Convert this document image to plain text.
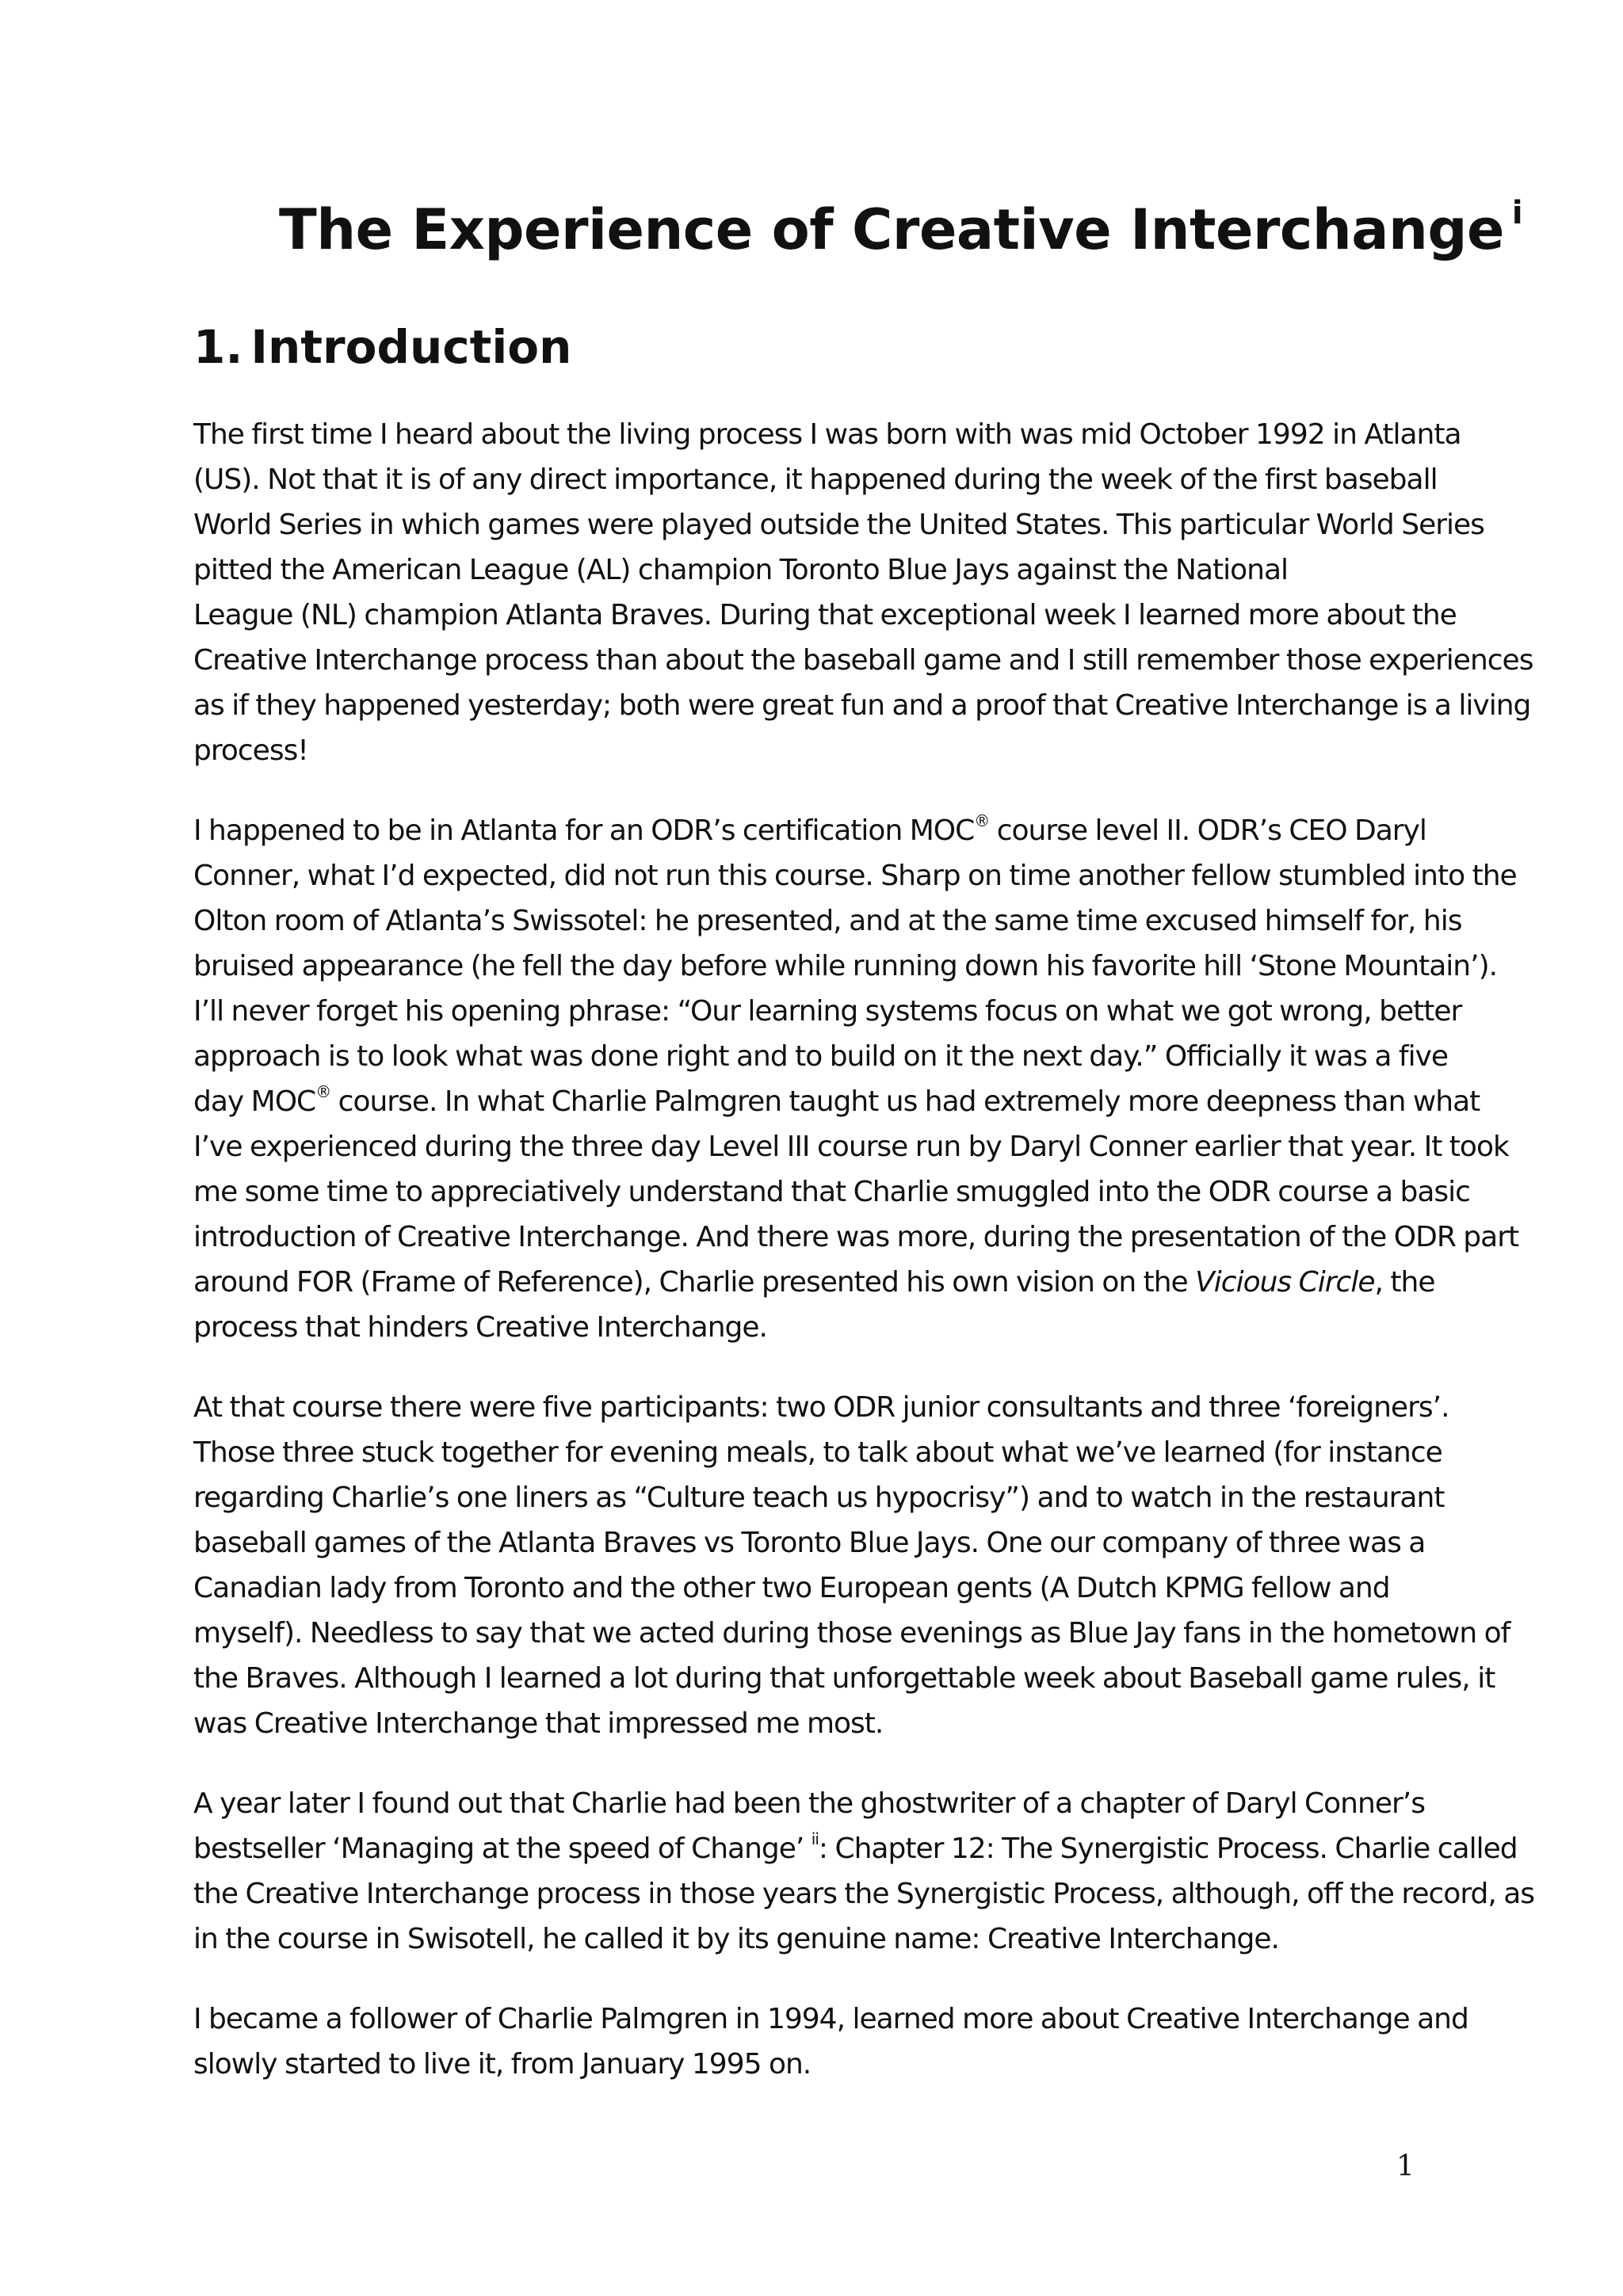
The Experience of Creative Interchange $^i$
1. Introduction

The first time I heard about the living process I was born with was mid October 1992 in Atlanta
(US). Not that it is of any direct importance, it happened during the week of the first baseball
World Series in which games were played outside the United States. This particular World Series
pitted the American League (AL) champion Toronto Blue Jays against the National
League (NL) champion Atlanta Braves. During that exceptional week I learned more about the
Creative Interchange process than about the baseball game and I still remember those experiences
as if they happened yesterday; both were great fun and a proof that Creative Interchange is a living
process!

I happened to be in Atlanta for an ODR’s certification MOC® course level II. ODR’s CEO Daryl
Conner, what I’d expected, did not run this course. Sharp on time another fellow stumbled into the
Olton room of Atlanta’s Swissotel: he presented, and at the same time excused himself for, his
bruised appearance (he fell the day before while running down his favorite hill ‘Stone Mountain’).
I’ll never forget his opening phrase: “Our learning systems focus on what we got wrong, better
approach is to look what was done right and to build on it the next day.” Officially it was a five
day MOC® course. In what Charlie Palmgren taught us had extremely more deepness than what
I’ve experienced during the three day Level III course run by Daryl Conner earlier that year. It took
me some time to appreciatively understand that Charlie smuggled into the ODR course a basic
introduction of Creative Interchange. And there was more, during the presentation of the ODR part
around FOR (Frame of Reference), Charlie presented his own vision on the Vicious Circle, the
process that hinders Creative Interchange.

At that course there were five participants: two ODR junior consultants and three ‘foreigners’.
Those three stuck together for evening meals, to talk about what we’ve learned (for instance
regarding Charlie’s one liners as “Culture teach us hypocrisy”) and to watch in the restaurant
baseball games of the Atlanta Braves vs Toronto Blue Jays. One our company of three was a
Canadian lady from Toronto and the other two European gents (A Dutch KPMG fellow and
myself). Needless to say that we acted during those evenings as Blue Jay fans in the hometown of
the Braves. Although I learned a lot during that unforgettable week about Baseball game rules, it
was Creative Interchange that impressed me most.

A year later I found out that Charlie had been the ghostwriter of a chapter of Daryl Conner’s
bestseller ‘Managing at the speed of Change’ $^{ii}$: Chapter 12: The Synergistic Process. Charlie called
the Creative Interchange process in those years the Synergistic Process, although, off the record, as
in the course in Swisotell, he called it by its genuine name: Creative Interchange.

I became a follower of Charlie Palmgren in 1994, learned more about Creative Interchange and
slowly started to live it, from January 1995 on.

1
